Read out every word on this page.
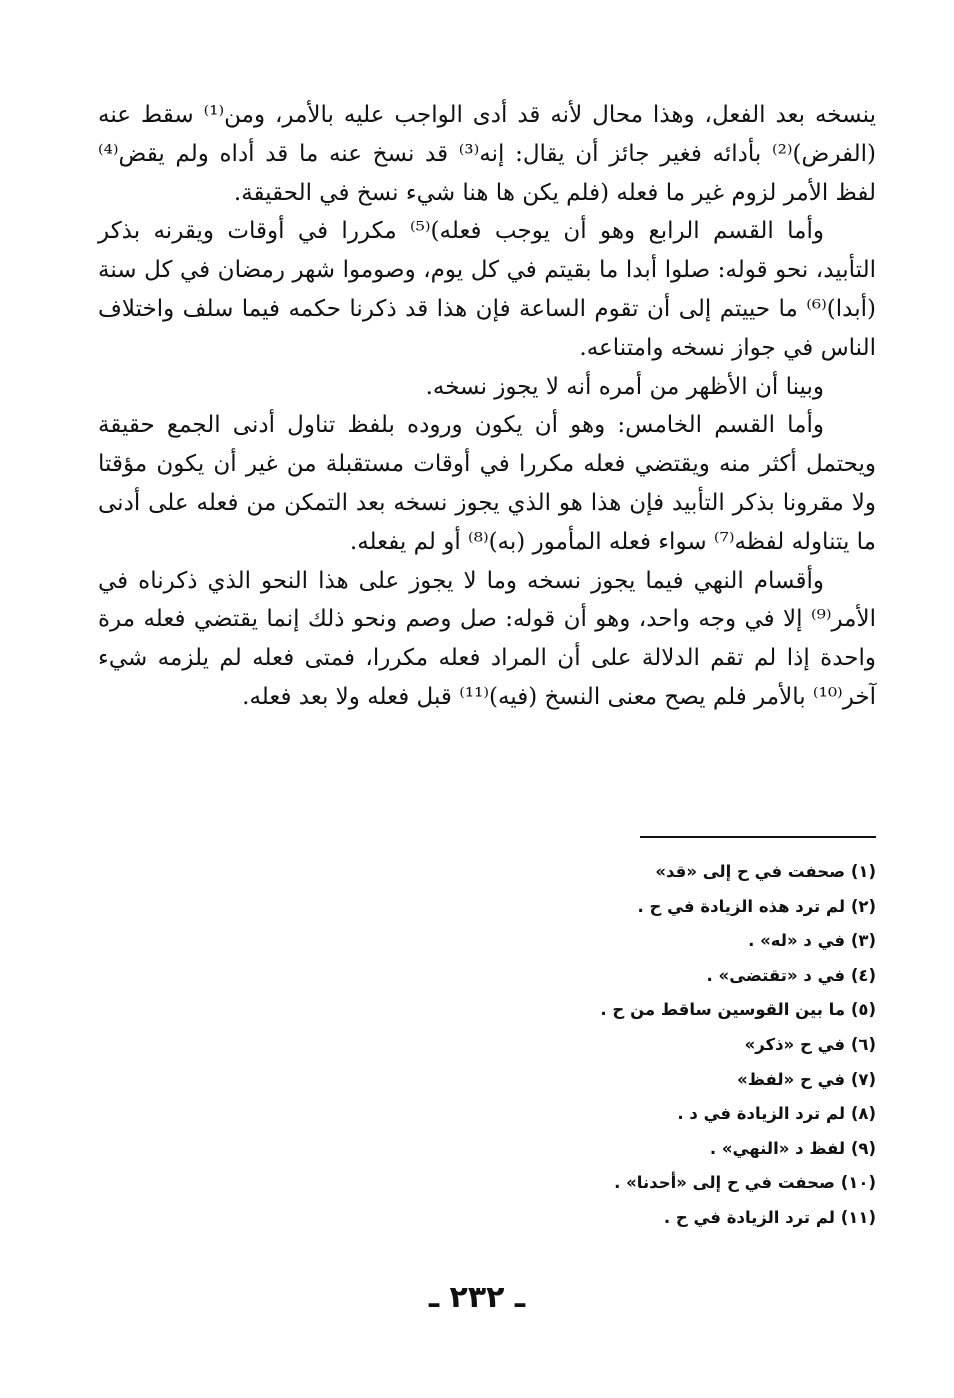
ينسخه بعد الفعل، وهذا محال لأنه قد أدى الواجب عليه بالأمر، ومن⁽¹⁾ سقط عنه (الفرض)⁽²⁾ بأدائه فغير جائز أن يقال: إنه⁽³⁾ قد نسخ عنه ما قد أداه ولم يقض⁽⁴⁾ لفظ الأمر لزوم غير ما فعله (فلم يكن ها هنا شيء نسخ في الحقيقة.

وأما القسم الرابع وهو أن يوجب فعله)⁽⁵⁾ مكررا في أوقات ويقرنه بذكر التأبيد، نحو قوله: صلوا أبدا ما بقيتم في كل يوم، وصوموا شهر رمضان في كل سنة (أبدا)⁽⁶⁾ ما حييتم إلى أن تقوم الساعة فإن هذا قد ذكرنا حكمه فيما سلف واختلاف الناس في جواز نسخه وامتناعه.

وبينا أن الأظهر من أمره أنه لا يجوز نسخه.

وأما القسم الخامس: وهو أن يكون وروده بلفظ تناول أدنى الجمع حقيقة ويحتمل أكثر منه ويقتضي فعله مكررا في أوقات مستقبلة من غير أن يكون مؤقتا ولا مقرونا بذكر التأبيد فإن هذا هو الذي يجوز نسخه بعد التمكن من فعله على أدنى ما يتناوله لفظه⁽⁷⁾ سواء فعله المأمور (به)⁽⁸⁾ أو لم يفعله.

وأقسام النهي فيما يجوز نسخه وما لا يجوز على هذا النحو الذي ذكرناه في الأمر⁽⁹⁾ إلا في وجه واحد، وهو أن قوله: صل وصم ونحو ذلك إنما يقتضي فعله مرة واحدة إذا لم تقم الدلالة على أن المراد فعله مكررا، فمتى فعله لم يلزمه شيء آخر⁽¹⁰⁾ بالأمر فلم يصح معنى النسخ (فيه)⁽¹¹⁾ قبل فعله ولا بعد فعله.

(١) صحفت في ح إلى «قد»
(٢) لم ترد هذه الزيادة في ح .
(٣) في د «له» .
(٤) في د «تقتضى» .
(٥) ما بين القوسين ساقط من ح .
(٦) في ح «ذكر»
(٧) في ح «لفظ»
(٨) لم ترد الزيادة في د .
(٩) لفظ د «النهي» .
(١٠) صحفت في ح إلى «أحدنا» .
(١١) لم ترد الزيادة في ح .
ـ ٢٣٢ ـ
